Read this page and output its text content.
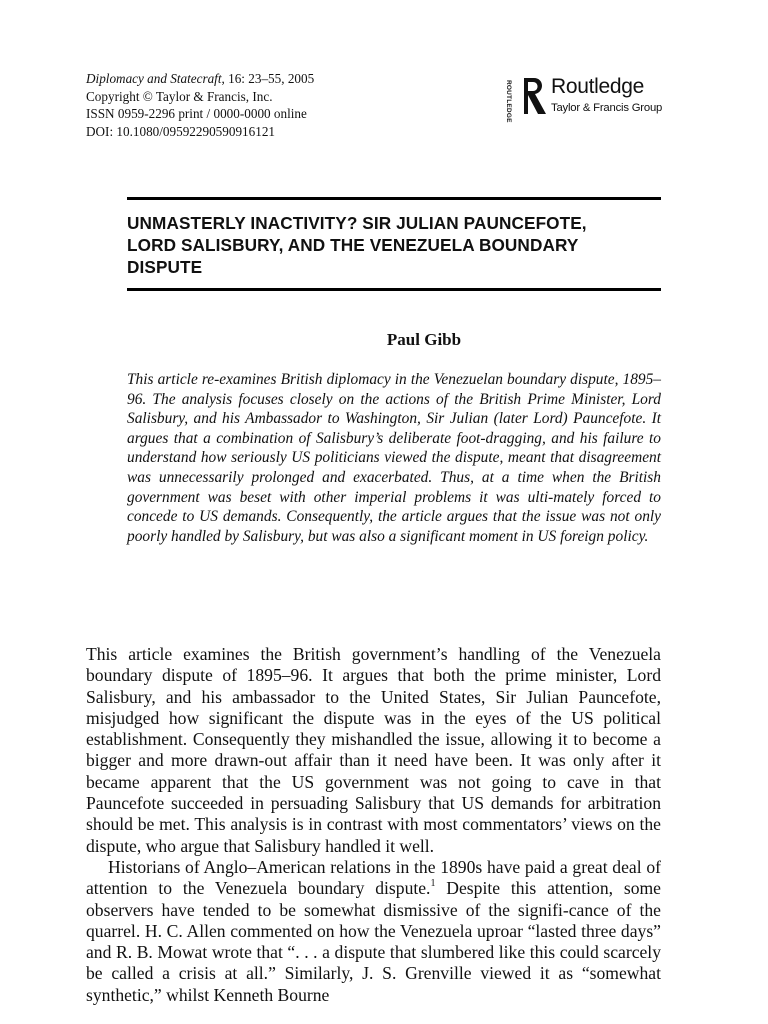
Diplomacy and Statecraft, 16: 23–55, 2005
Copyright © Taylor & Francis, Inc.
ISSN 0959-2296 print / 0000-0000 online
DOI: 10.1080/09592290590916121
ROUTLEDGE Routledge
Taylor & Francis Group
UNMASTERLY INACTIVITY? SIR JULIAN PAUNCEFOTE,
LORD SALISBURY, AND THE VENEZUELA BOUNDARY
DISPUTE
Paul Gibb

This article re-examines British diplomacy in the Venezuelan boundary dispute, 1895–96. The analysis focuses closely on the actions of the British Prime Minister, Lord Salisbury, and his Ambassador to Washington, Sir Julian (later Lord) Pauncefote. It argues that a combination of Salisbury’s deliberate foot-dragging, and his failure to understand how seriously US politicians viewed the dispute, meant that disagreement was unnecessarily prolonged and exacerbated. Thus, at a time when the British government was beset with other imperial problems it was ulti-mately forced to concede to US demands. Consequently, the article argues that the issue was not only poorly handled by Salisbury, but was also a significant moment in US foreign policy.

This article examines the British government’s handling of the Venezuela boundary dispute of 1895–96. It argues that both the prime minister, Lord Salisbury, and his ambassador to the United States, Sir Julian Pauncefote, misjudged how significant the dispute was in the eyes of the US political establishment. Consequently they mishandled the issue, allowing it to become a bigger and more drawn-out affair than it need have been. It was only after it became apparent that the US government was not going to cave in that Pauncefote succeeded in persuading Salisbury that US demands for arbitration should be met. This analysis is in contrast with most commentators’ views on the dispute, who argue that Salisbury handled it well.

Historians of Anglo–American relations in the 1890s have paid a great deal of attention to the Venezuela boundary dispute.$^1$ Despite this attention, some observers have tended to be somewhat dismissive of the signifi-cance of the quarrel. H. C. Allen commented on how the Venezuela uproar “lasted three days” and R. B. Mowat wrote that “. . . a dispute that slumbered like this could scarcely be called a crisis at all.” Similarly, J. S. Grenville viewed it as “somewhat synthetic,” whilst Kenneth Bourne
